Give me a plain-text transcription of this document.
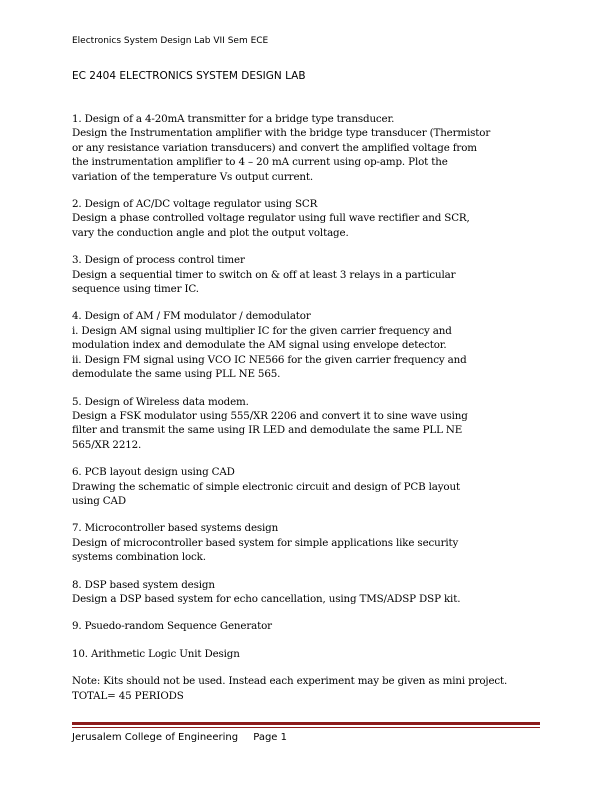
Electronics System Design Lab VII Sem ECE
EC 2404 ELECTRONICS SYSTEM DESIGN LAB
1. Design of a 4-20mA transmitter for a bridge type transducer.
Design the Instrumentation amplifier with the bridge type transducer (Thermistor
or any resistance variation transducers) and convert the amplified voltage from
the instrumentation amplifier to 4 – 20 mA current using op-amp. Plot the
variation of the temperature Vs output current.
2. Design of AC/DC voltage regulator using SCR
Design a phase controlled voltage regulator using full wave rectifier and SCR,
vary the conduction angle and plot the output voltage.
3. Design of process control timer
Design a sequential timer to switch on & off at least 3 relays in a particular
sequence using timer IC.
4. Design of AM / FM modulator / demodulator
i. Design AM signal using multiplier IC for the given carrier frequency and
modulation index and demodulate the AM signal using envelope detector.
ii. Design FM signal using VCO IC NE566 for the given carrier frequency and
demodulate the same using PLL NE 565.
5. Design of Wireless data modem.
Design a FSK modulator using 555/XR 2206 and convert it to sine wave using
filter and transmit the same using IR LED and demodulate the same PLL NE
565/XR 2212.
6. PCB layout design using CAD
Drawing the schematic of simple electronic circuit and design of PCB layout
using CAD
7. Microcontroller based systems design
Design of microcontroller based system for simple applications like security
systems combination lock.
8. DSP based system design
Design a DSP based system for echo cancellation, using TMS/ADSP DSP kit.
9. Psuedo-random Sequence Generator
10. Arithmetic Logic Unit Design
Note: Kits should not be used. Instead each experiment may be given as mini project.
TOTAL= 45 PERIODS
Jerusalem College of Engineering Page 1
